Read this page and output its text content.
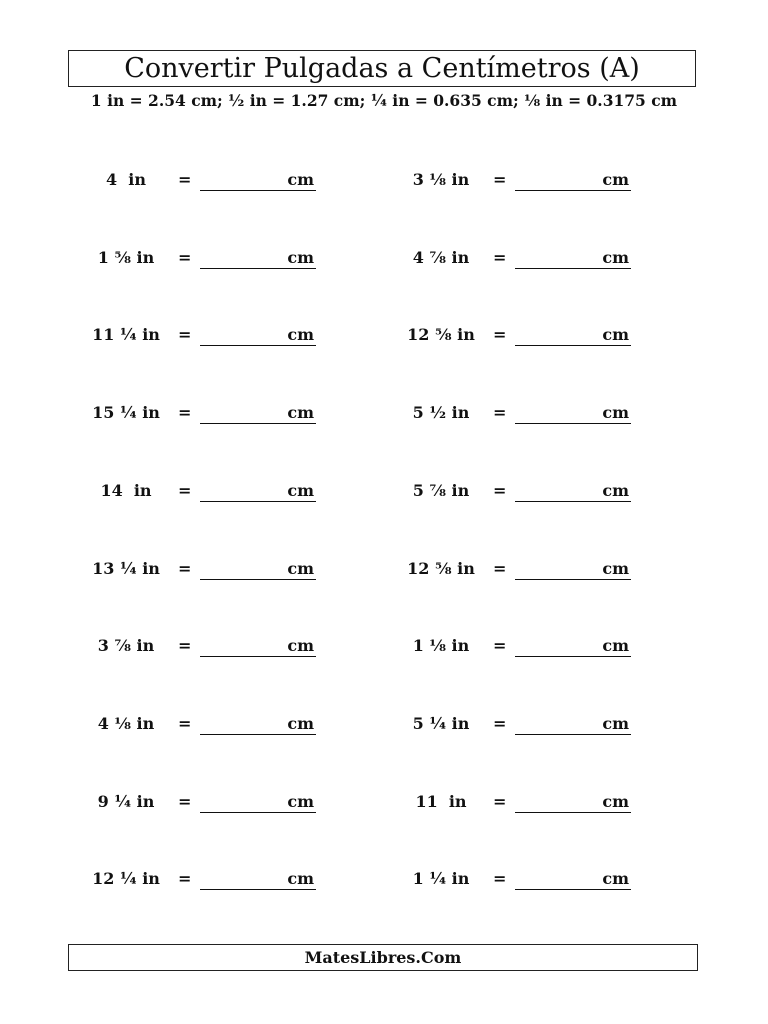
Convertir Pulgadas a Centímetros (A)
1 in = 2.54 cm; ½ in = 1.27 cm; ¼ in = 0.635 cm; ⅛ in = 0.3175 cm
4  in	=	cm
1 ⅝ in	=	cm
11 ¼ in	=	cm
15 ¼ in	=	cm
14  in	=	cm
13 ¼ in	=	cm
3 ⅞ in	=	cm
4 ⅛ in	=	cm
9 ¼ in	=	cm
12 ¼ in	=	cm
3 ⅛ in	=	cm
4 ⅞ in	=	cm
12 ⅝ in	=	cm
5 ½ in	=	cm
5 ⅞ in	=	cm
12 ⅝ in	=	cm
1 ⅛ in	=	cm
5 ¼ in	=	cm
11  in	=	cm
1 ¼ in	=	cm
MatesLibres.Com
